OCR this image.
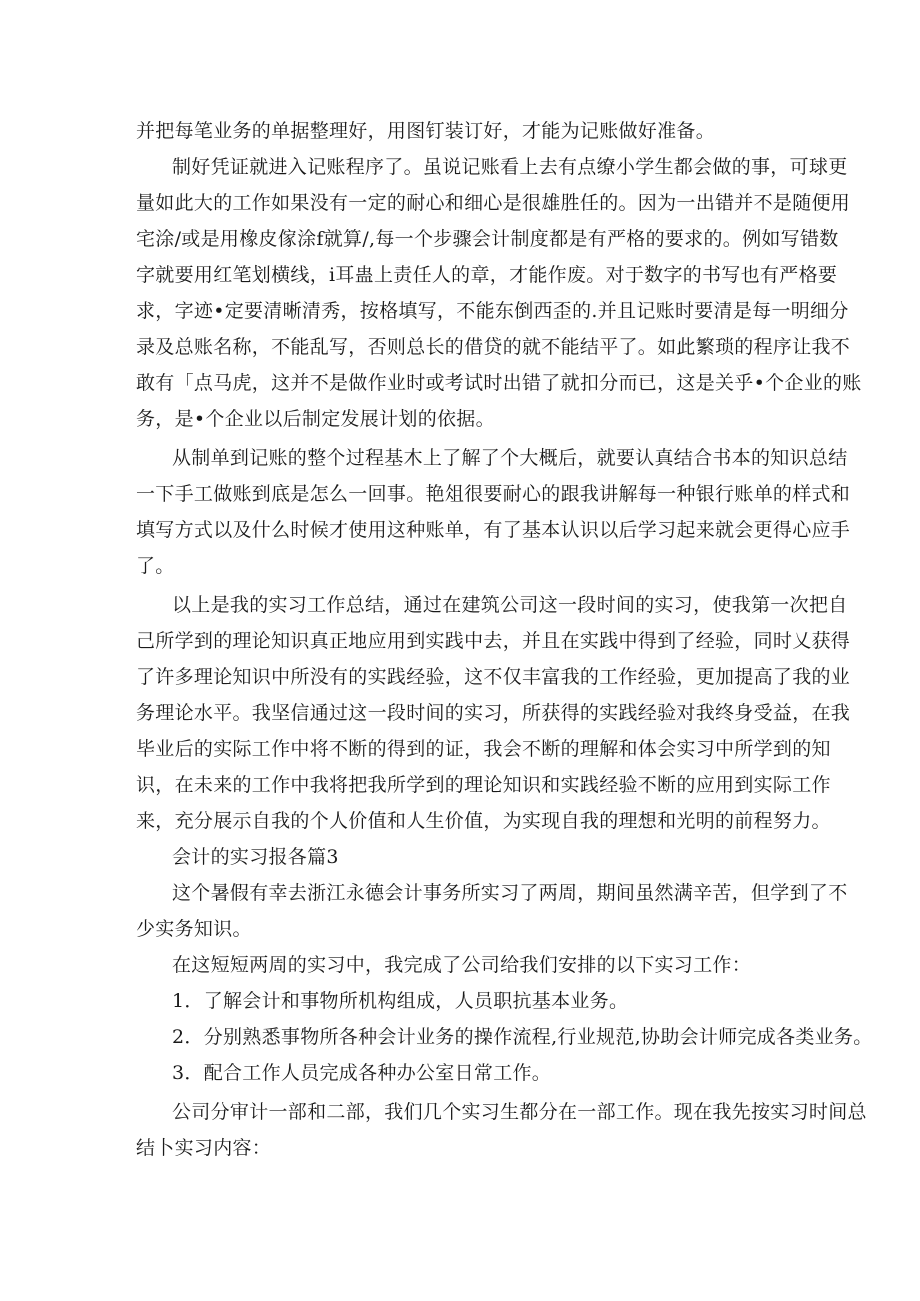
并把每笔业务的单据整理好，用图钉装订好，才能为记账做好准备。
制好凭证就进入记账程序了。虽说记账看上去有点缭小学生都会做的事，可球更
量如此大的工作如果没有一定的耐心和细心是很雄胜任的。因为一出错并不是随便用
宅涂/或是用橡皮傢涂f就算/,每一个步骤会计制度都是有严格的要求的。例如写错数
字就要用红笔划横线，i耳蛊上责任人的章，才能作废。对于数字的书写也有严格要
求，字迹•定要清晰清秀，按格填写，不能东倒西歪的.并且记账时要清是每一明细分
录及总账名称，不能乱写，否则总长的借贷的就不能结平了。如此繁琐的程序让我不
敢有「点马虎，这并不是做作业时或考试时出错了就扣分而已，这是关乎•个企业的账
务，是•个企业以后制定发展计划的依据。
从制单到记账的整个过程基木上了解了个大概后，就要认真结合书本的知识总结
一下手工做账到底是怎么一回事。艳俎很要耐心的跟我讲解每一种银行账单的样式和
填写方式以及什么时候才使用这种账单，有了基本认识以后学习起来就会更得心应手
了。
以上是我的实习工作总结，通过在建筑公司这一段时间的实习，使我第一次把自
己所学到的理论知识真正地应用到实践中去，并且在实践中得到了经验，同时乂获得
了许多理论知识中所没有的实践经验，这不仅丰富我的工作经验，更加提高了我的业
务理论水平。我坚信通过这一段时间的实习，所获得的实践经验对我终身受益，在我
毕业后的实际工作中将不断的得到的证，我会不断的理解和体会实习中所学到的知
识，在未来的工作中我将把我所学到的理论知识和实践经验不断的应用到实际工作
来，充分展示自我的个人价值和人生价值，为实现自我的理想和光明的前程努力。
会计的实习报各篇3
这个暑假有幸去浙江永德会计事务所实习了两周，期间虽然满辛苦，但学到了不
少实务知识。
在这短短两周的实习中，我完成了公司给我们安排的以下实习工作：
1．了解会计和事物所机构组成，人员职抗基本业务。
2．分别熟悉事物所各种会计业务的操作流程,行业规范,协助会计师完成各类业务。
3．配合工作人员完成各种办公室日常工作。
公司分审计一部和二部，我们几个实习生都分在一部工作。现在我先按实习时间总
结卜实习内容：
